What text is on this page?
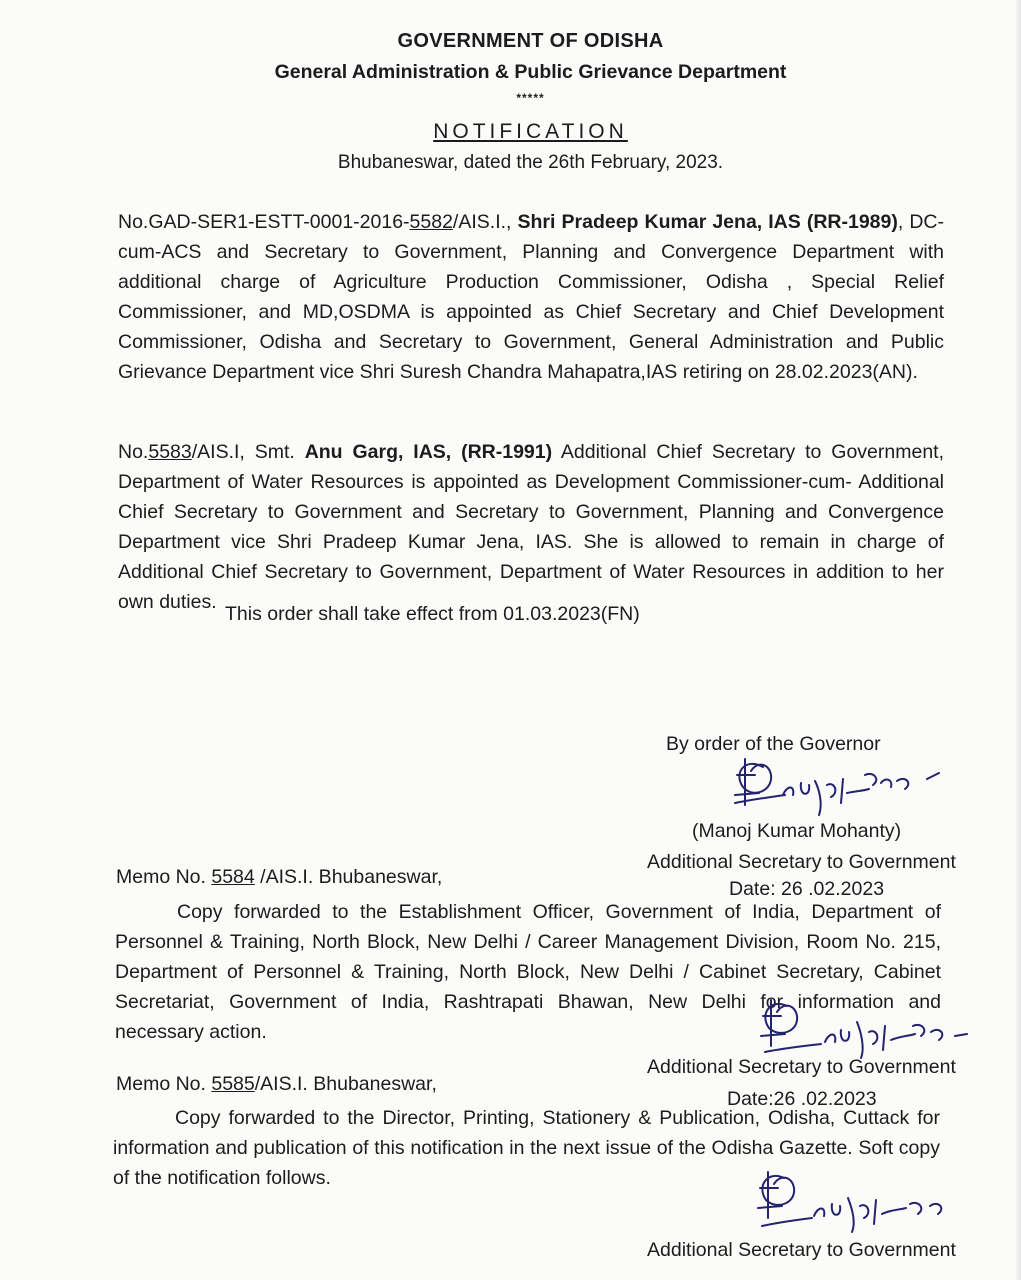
GOVERNMENT OF ODISHA
General Administration & Public Grievance Department
*****
NOTIFICATION
Bhubaneswar, dated the 26th February, 2023.

No.GAD-SER1-ESTT-0001-2016-5582/AIS.I., Shri Pradeep Kumar Jena, IAS (RR-1989), DC-cum-ACS and Secretary to Government, Planning and Convergence Department with additional charge of Agriculture Production Commissioner, Odisha , Special Relief Commissioner, and MD,OSDMA is appointed as Chief Secretary and Chief Development Commissioner, Odisha and Secretary to Government, General Administration and Public Grievance Department vice Shri Suresh Chandra Mahapatra,IAS retiring on 28.02.2023(AN).

No.5583/AIS.I, Smt. Anu Garg, IAS, (RR-1991) Additional Chief Secretary to Government, Department of Water Resources is appointed as Development Commissioner-cum- Additional Chief Secretary to Government and Secretary to Government, Planning and Convergence Department vice Shri Pradeep Kumar Jena, IAS. She is allowed to remain in charge of Additional Chief Secretary to Government, Department of Water Resources in addition to her own duties.

This order shall take effect from 01.03.2023(FN)
By order of the Governor
(Manoj Kumar Mohanty)
Additional Secretary to Government
Memo No. 5584 /AIS.I. Bhubaneswar,
Date: 26 .02.2023

Copy forwarded to the Establishment Officer, Government of India, Department of Personnel & Training, North Block, New Delhi / Career Management Division, Room No. 215, Department of Personnel & Training, North Block, New Delhi / Cabinet Secretary, Cabinet Secretariat, Government of India, Rashtrapati Bhawan, New Delhi for information and necessary action.

Additional Secretary to Government
Memo No. 5585/AIS.I. Bhubaneswar,
Date:26 .02.2023

Copy forwarded to the Director, Printing, Stationery & Publication, Odisha, Cuttack for information and publication of this notification in the next issue of the Odisha Gazette. Soft copy of the notification follows.

Additional Secretary to Government
